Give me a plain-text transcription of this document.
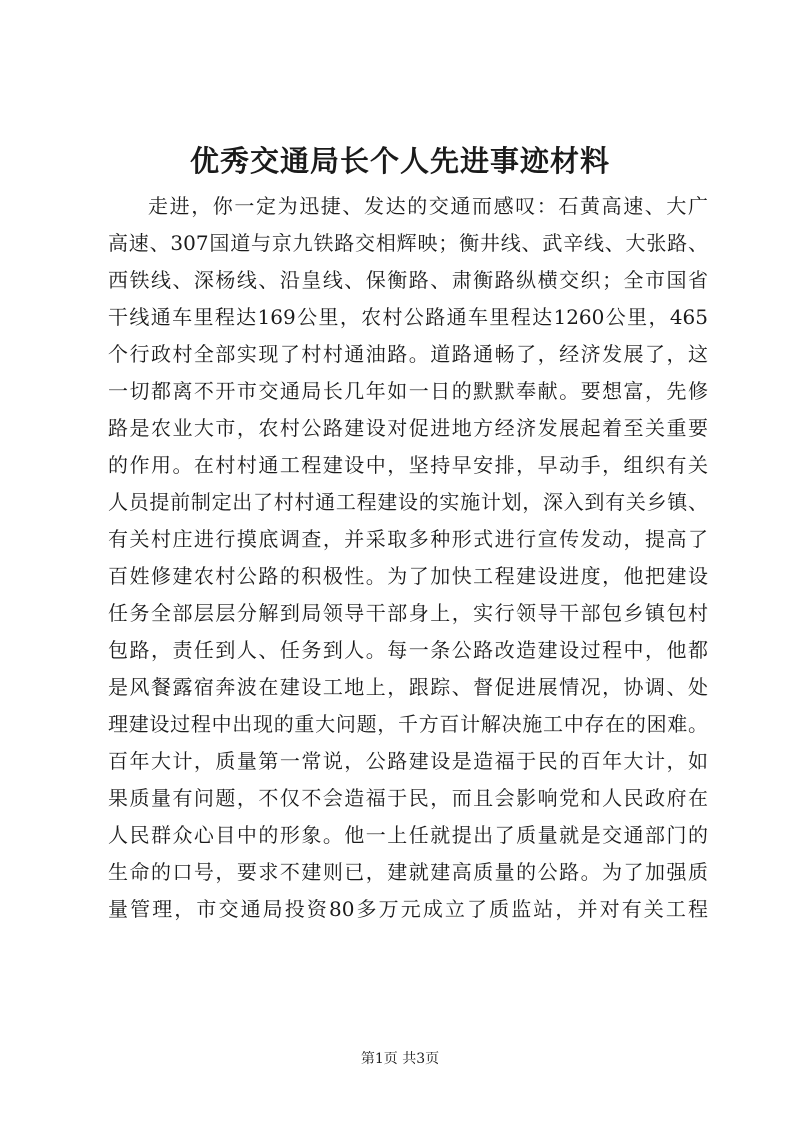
优秀交通局长个人先进事迹材料
走进，你一定为迅捷、发达的交通而感叹：石黄高速、大广
高速、307国道与京九铁路交相辉映；衡井线、武辛线、大张路、
西铁线、深杨线、沿皇线、保衡路、肃衡路纵横交织；全市国省
干线通车里程达169公里，农村公路通车里程达1260公里，465
个行政村全部实现了村村通油路。道路通畅了，经济发展了，这
一切都离不开市交通局长几年如一日的默默奉献。要想富，先修
路是农业大市，农村公路建设对促进地方经济发展起着至关重要
的作用。在村村通工程建设中，坚持早安排，早动手，组织有关
人员提前制定出了村村通工程建设的实施计划，深入到有关乡镇、
有关村庄进行摸底调查，并采取多种形式进行宣传发动，提高了
百姓修建农村公路的积极性。为了加快工程建设进度，他把建设
任务全部层层分解到局领导干部身上，实行领导干部包乡镇包村
包路，责任到人、任务到人。每一条公路改造建设过程中，他都
是风餐露宿奔波在建设工地上，跟踪、督促进展情况，协调、处
理建设过程中出现的重大问题，千方百计解决施工中存在的困难。
百年大计，质量第一常说，公路建设是造福于民的百年大计，如
果质量有问题，不仅不会造福于民，而且会影响党和人民政府在
人民群众心目中的形象。他一上任就提出了质量就是交通部门的
生命的口号，要求不建则已，建就建高质量的公路。为了加强质
量管理，市交通局投资80多万元成立了质监站，并对有关工程

第1页 共3页
